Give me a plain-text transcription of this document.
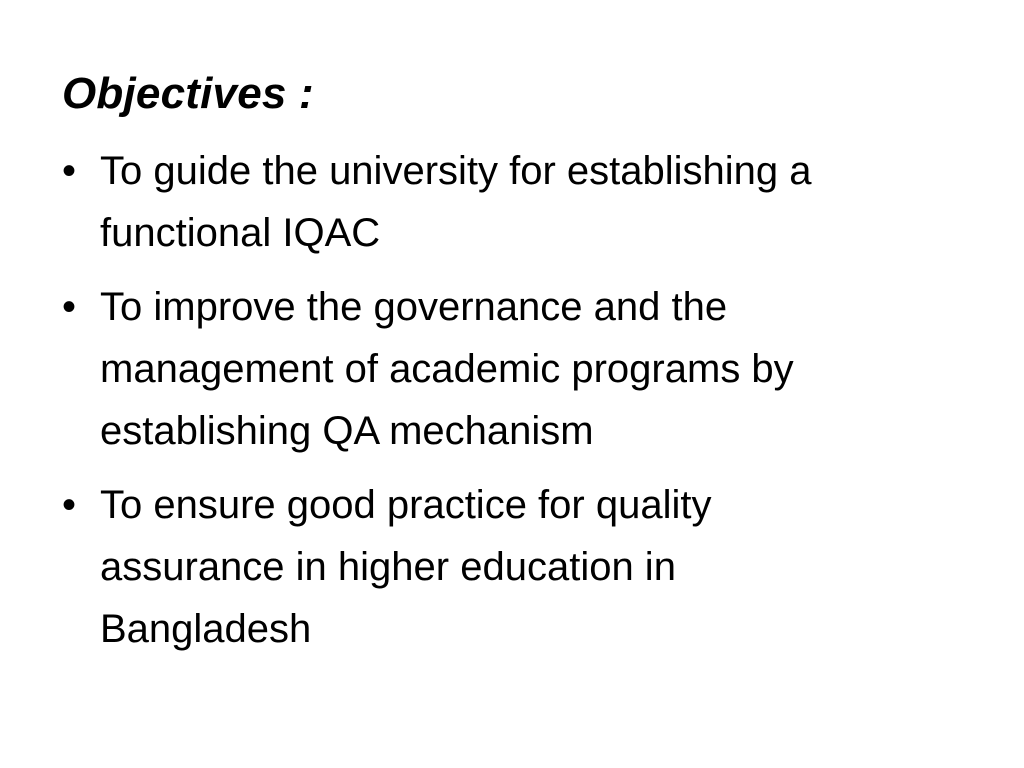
Objectives :
• To guide the university for establishing a
functional IQAC
• To improve the governance and the
management of academic programs by
establishing QA mechanism
• To ensure good practice for quality
assurance in higher education in
Bangladesh
